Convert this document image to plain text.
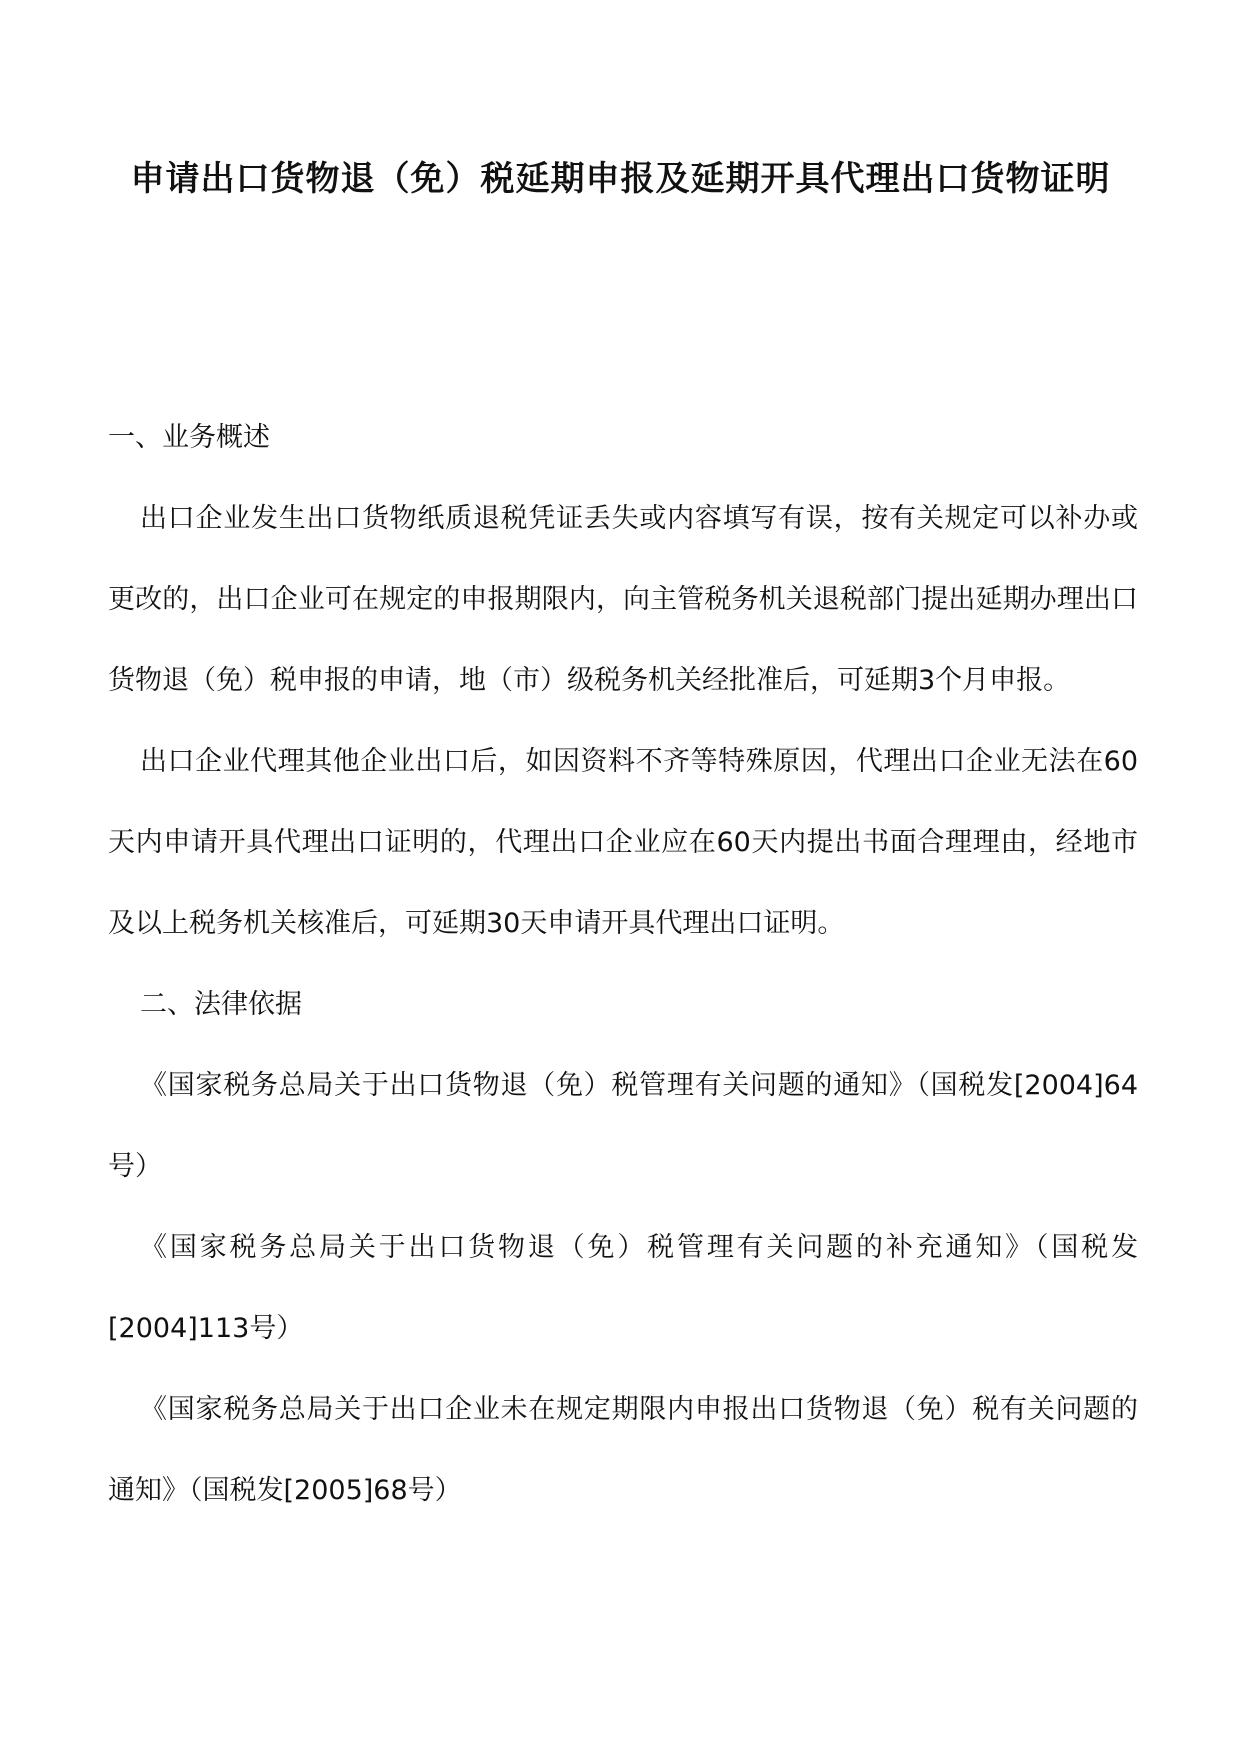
申请出口货物退（免）税延期申报及延期开具代理出口货物证明

一、业务概述

出口企业发生出口货物纸质退税凭证丢失或内容填写有误，按有关规定可以补办或更改的，出口企业可在规定的申报期限内，向主管税务机关退税部门提出延期办理出口货物退（免）税申报的申请，地（市）级税务机关经批准后，可延期3个月申报。

出口企业代理其他企业出口后，如因资料不齐等特殊原因，代理出口企业无法在60天内申请开具代理出口证明的，代理出口企业应在60天内提出书面合理理由，经地市及以上税务机关核准后，可延期30天申请开具代理出口证明。

二、法律依据

《国家税务总局关于出口货物退（免）税管理有关问题的通知》（国税发[2004]64号）

《国家税务总局关于出口货物退（免）税管理有关问题的补充通知》（国税发[2004]113号）

《国家税务总局关于出口企业未在规定期限内申报出口货物退（免）税有关问题的通知》（国税发[2005]68号）
